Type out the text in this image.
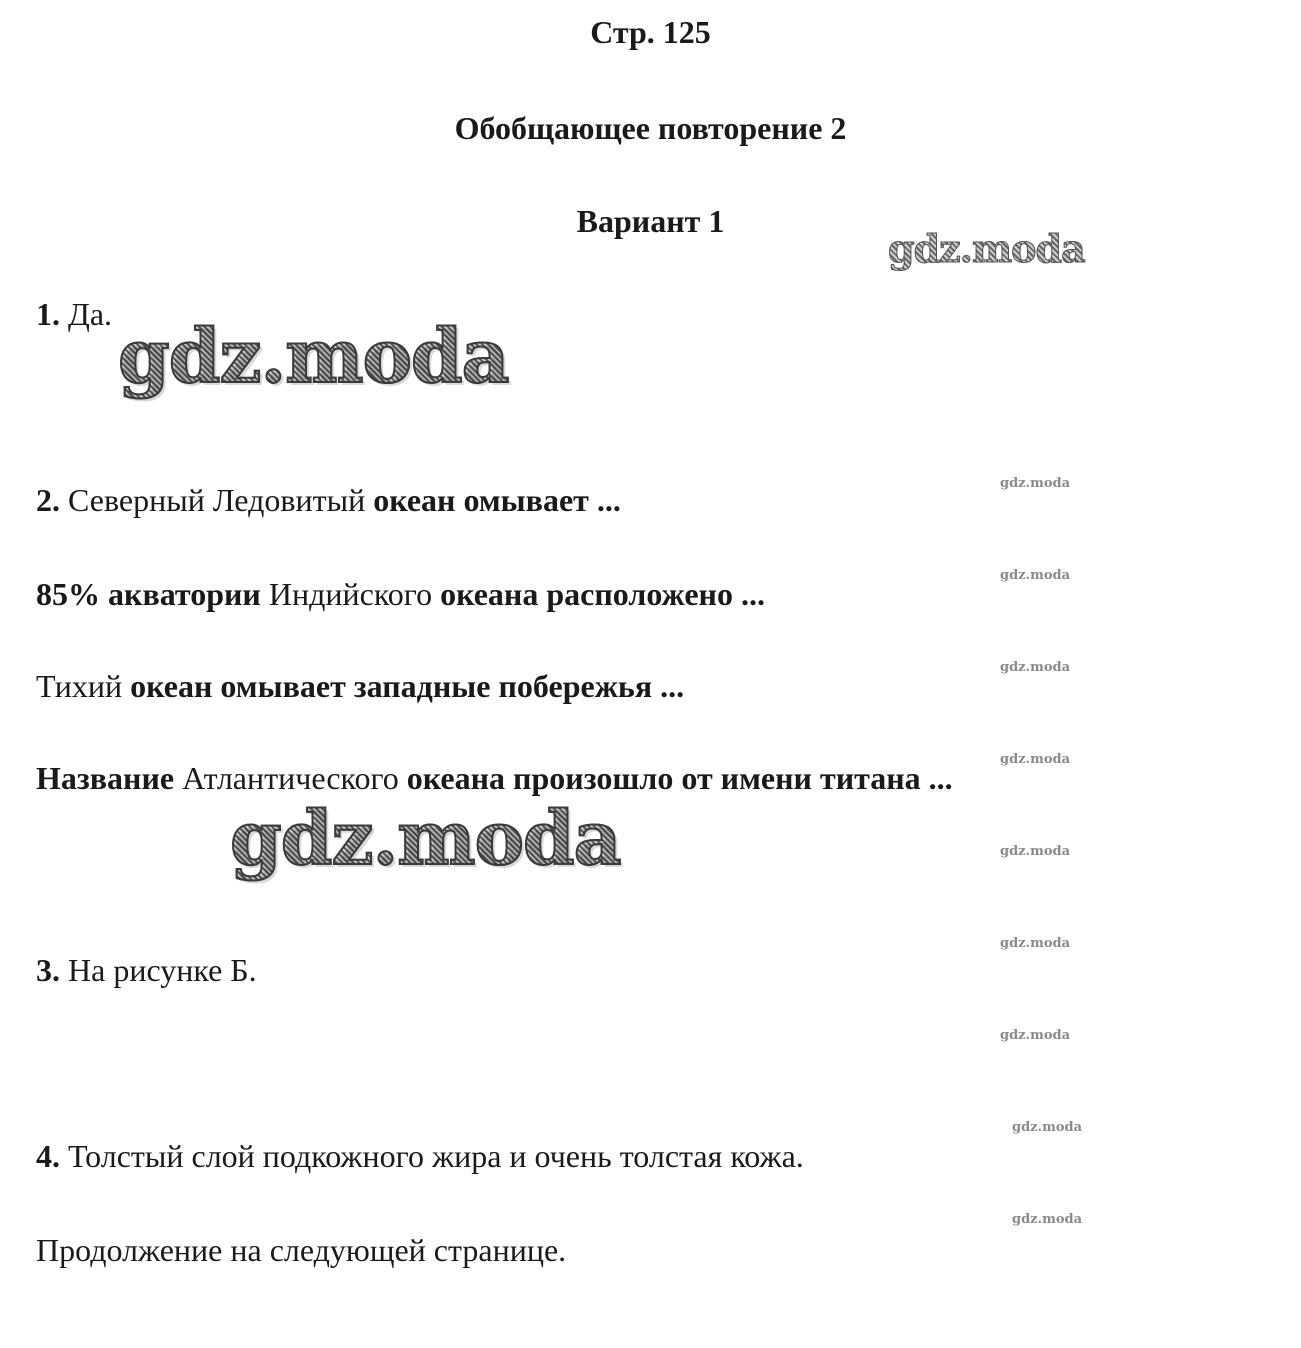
Стр. 125
Обобщающее повторение 2
Вариант 1

1. Да.

2. Северный Ледовитый океан омывает ...

85% акватории Индийского океана расположено ...

Тихий океан омывает западные побережья ...

Название Атлантического океана произошло от имени титана ...

3. На рисунке Б.

4. Толстый слой подкожного жира и очень толстая кожа.

Продолжение на следующей странице.

gdz.moda
gdz.moda
gdz.moda
gdz.moda
gdz.moda
gdz.moda
gdz.moda
gdz.moda
gdz.moda
gdz.moda
gdz.moda
gdz.moda
